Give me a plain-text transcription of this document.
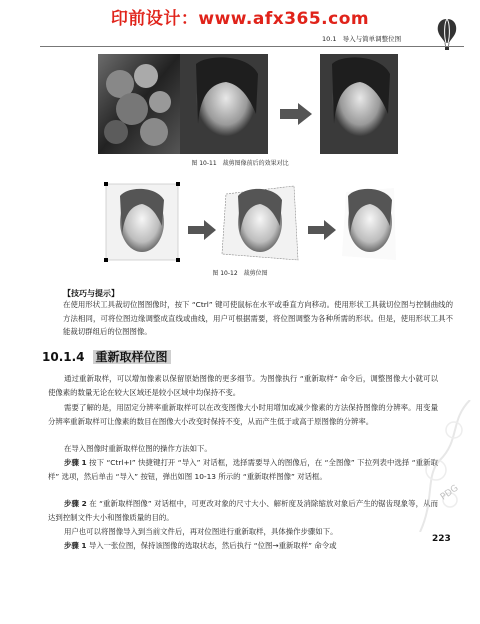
印前设计：www.afx365.com
10.1 导入与简单调整位图
图 10-11 裁剪图像前后的效果对比
图 10-12 裁剪位图
【技巧与提示】
在使用形状工具裁切位图图像时，按下 “Ctrl” 键可使鼠标在水平或垂直方向移动。使用形状工具裁切位图与控制曲线的方法相同，可将位图边缘调整成直线或曲线，用户可根据需要，将位图调整为各种所需的形状。但是，使用形状工具不能裁切群组后的位图图像。
10.1.4 重新取样位图
通过重新取样，可以增加像素以保留原始图像的更多细节。为图像执行 “重新取样” 命令后，调整图像大小就可以使像素的数量无论在较大区域还是较小区域中均保持不变。
需要了解的是，用固定分辨率重新取样可以在改变图像大小时用增加或减少像素的方法保持图像的分辨率。用变量分辨率重新取样可让像素的数目在图像大小改变时保持不变，从而产生低于或高于原图像的分辨率。
在导入图像时重新取样位图的操作方法如下。
步骤 1 按下 “Ctrl+I” 快捷键打开 “导入” 对话框，选择需要导入的图像后，在 “全图像” 下拉列表中选择 “重新取样” 选项，然后单击 “导入” 按钮，弹出如图 10-13 所示的 “重新取样图像” 对话框。
步骤 2 在 “重新取样图像” 对话框中，可更改对象的尺寸大小、解析度及消除缩放对象后产生的锯齿现象等，从而达到控制文件大小和图像质量的目的。
用户也可以将图像导入到当前文件后，再对位图进行重新取样，具体操作步骤如下。
步骤 1 导入一张位图，保持该图像的选取状态，然后执行 “位图→重新取样” 命令或
PDG
223
